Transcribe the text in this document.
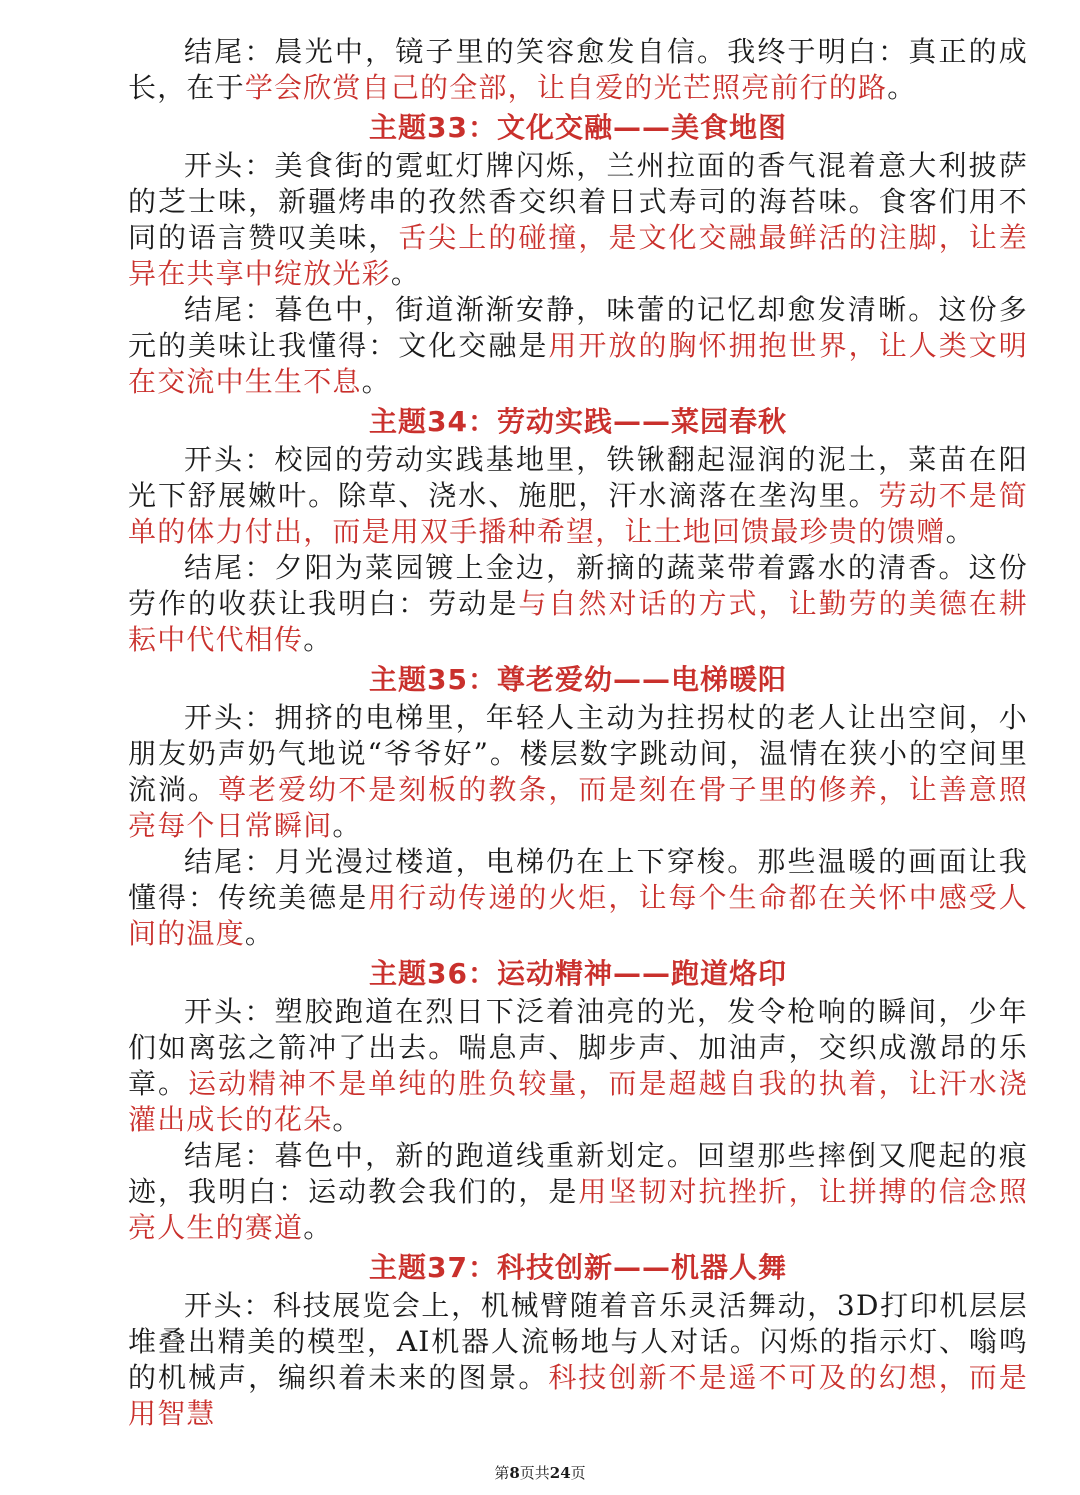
结尾：晨光中，镜子里的笑容愈发自信。我终于明白：真正的成长，在于学会欣赏自己的全部，让自爱的光芒照亮前行的路。

主题33：文化交融——美食地图

开头：美食街的霓虹灯牌闪烁，兰州拉面的香气混着意大利披萨的芝士味，新疆烤串的孜然香交织着日式寿司的海苔味。食客们用不同的语言赞叹美味，舌尖上的碰撞，是文化交融最鲜活的注脚，让差异在共享中绽放光彩。

结尾：暮色中，街道渐渐安静，味蕾的记忆却愈发清晰。这份多元的美味让我懂得：文化交融是用开放的胸怀拥抱世界，让人类文明在交流中生生不息。

主题34：劳动实践——菜园春秋

开头：校园的劳动实践基地里，铁锹翻起湿润的泥土，菜苗在阳光下舒展嫩叶。除草、浇水、施肥，汗水滴落在垄沟里。劳动不是简单的体力付出，而是用双手播种希望，让土地回馈最珍贵的馈赠。

结尾：夕阳为菜园镀上金边，新摘的蔬菜带着露水的清香。这份劳作的收获让我明白：劳动是与自然对话的方式，让勤劳的美德在耕耘中代代相传。

主题35：尊老爱幼——电梯暖阳

开头：拥挤的电梯里，年轻人主动为拄拐杖的老人让出空间，小朋友奶声奶气地说“爷爷好”。楼层数字跳动间，温情在狭小的空间里流淌。尊老爱幼不是刻板的教条，而是刻在骨子里的修养，让善意照亮每个日常瞬间。

结尾：月光漫过楼道，电梯仍在上下穿梭。那些温暖的画面让我懂得：传统美德是用行动传递的火炬，让每个生命都在关怀中感受人间的温度。

主题36：运动精神——跑道烙印

开头：塑胶跑道在烈日下泛着油亮的光，发令枪响的瞬间，少年们如离弦之箭冲了出去。喘息声、脚步声、加油声，交织成激昂的乐章。运动精神不是单纯的胜负较量，而是超越自我的执着，让汗水浇灌出成长的花朵。

结尾：暮色中，新的跑道线重新划定。回望那些摔倒又爬起的痕迹，我明白：运动教会我们的，是用坚韧对抗挫折，让拼搏的信念照亮人生的赛道。

主题37：科技创新——机器人舞

开头：科技展览会上，机械臂随着音乐灵活舞动，3D打印机层层堆叠出精美的模型，AI机器人流畅地与人对话。闪烁的指示灯、嗡鸣的机械声，编织着未来的图景。科技创新不是遥不可及的幻想，而是用智慧

第8页共24页
